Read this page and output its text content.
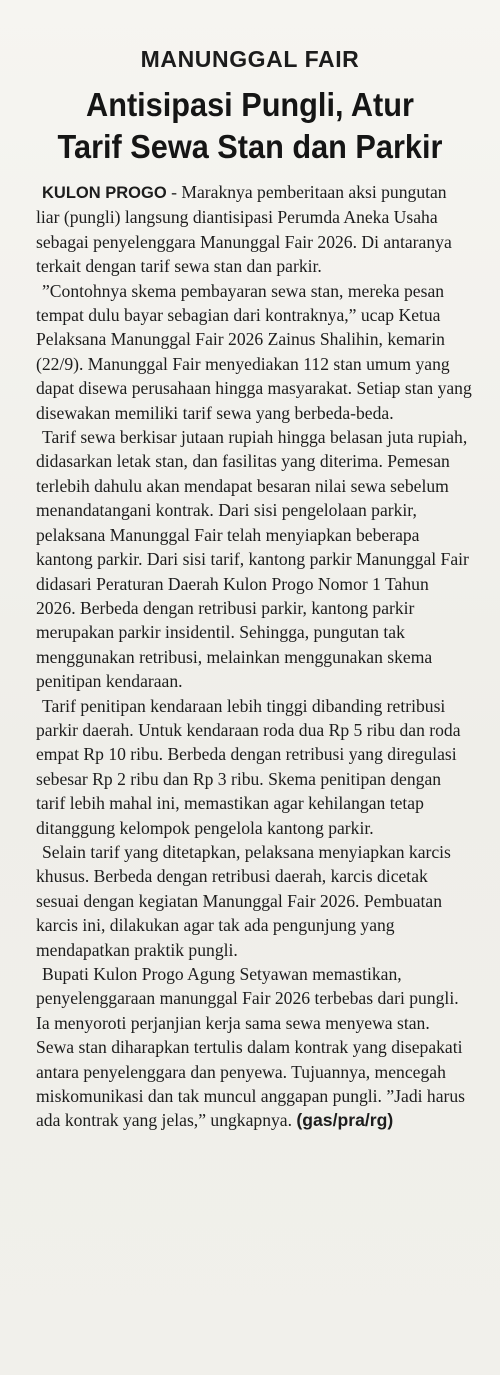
MANUNGGAL FAIR
Antisipasi Pungli, Atur
Tarif Sewa Stan dan Parkir

KULON PROGO - Maraknya pemberitaan aksi pungutan liar (pungli) langsung diantisipasi Perumda Aneka Usaha sebagai penyelenggara Manunggal Fair 2026. Di antaranya terkait dengan tarif sewa stan dan parkir.

”Contohnya skema pembayaran sewa stan, mereka pesan tempat dulu bayar sebagian dari kontraknya,” ucap Ketua Pelaksana Manunggal Fair 2026 Zainus Shalihin, kemarin (22/9). Manunggal Fair menyediakan 112 stan umum yang dapat disewa perusahaan hingga masyarakat. Setiap stan yang disewakan memiliki tarif sewa yang berbeda-beda.

Tarif sewa berkisar jutaan rupiah hingga belasan juta rupiah, didasarkan letak stan, dan fasilitas yang diterima. Pemesan terlebih dahulu akan mendapat besaran nilai sewa sebelum menandatangani kontrak. Dari sisi pengelolaan parkir, pelaksana Manunggal Fair telah menyiapkan beberapa kantong parkir. Dari sisi tarif, kantong parkir Manunggal Fair didasari Peraturan Daerah Kulon Progo Nomor 1 Tahun 2026. Berbeda dengan retribusi parkir, kantong parkir merupakan parkir insidentil. Sehingga, pungutan tak menggunakan retribusi, melainkan menggunakan skema penitipan kendaraan.

Tarif penitipan kendaraan lebih tinggi dibanding retribusi parkir daerah. Untuk kendaraan roda dua Rp 5 ribu dan roda empat Rp 10 ribu. Berbeda dengan retribusi yang diregulasi sebesar Rp 2 ribu dan Rp 3 ribu. Skema penitipan dengan tarif lebih mahal ini, memastikan agar kehilangan tetap ditanggung kelompok pengelola kantong parkir.

Selain tarif yang ditetapkan, pelaksana menyiapkan karcis khusus. Berbeda dengan retribusi daerah, karcis dicetak sesuai dengan kegiatan Manunggal Fair 2026. Pembuatan karcis ini, dilakukan agar tak ada pengunjung yang mendapatkan praktik pungli.

Bupati Kulon Progo Agung Setyawan memastikan, penyelenggaraan manunggal Fair 2026 terbebas dari pungli. Ia menyoroti perjanjian kerja sama sewa menyewa stan. Sewa stan diharapkan tertulis dalam kontrak yang disepakati antara penyelenggara dan penyewa. Tujuannya, mencegah miskomunikasi dan tak muncul anggapan pungli. ”Jadi harus ada kontrak yang jelas,” ungkapnya. (gas/pra/rg)
